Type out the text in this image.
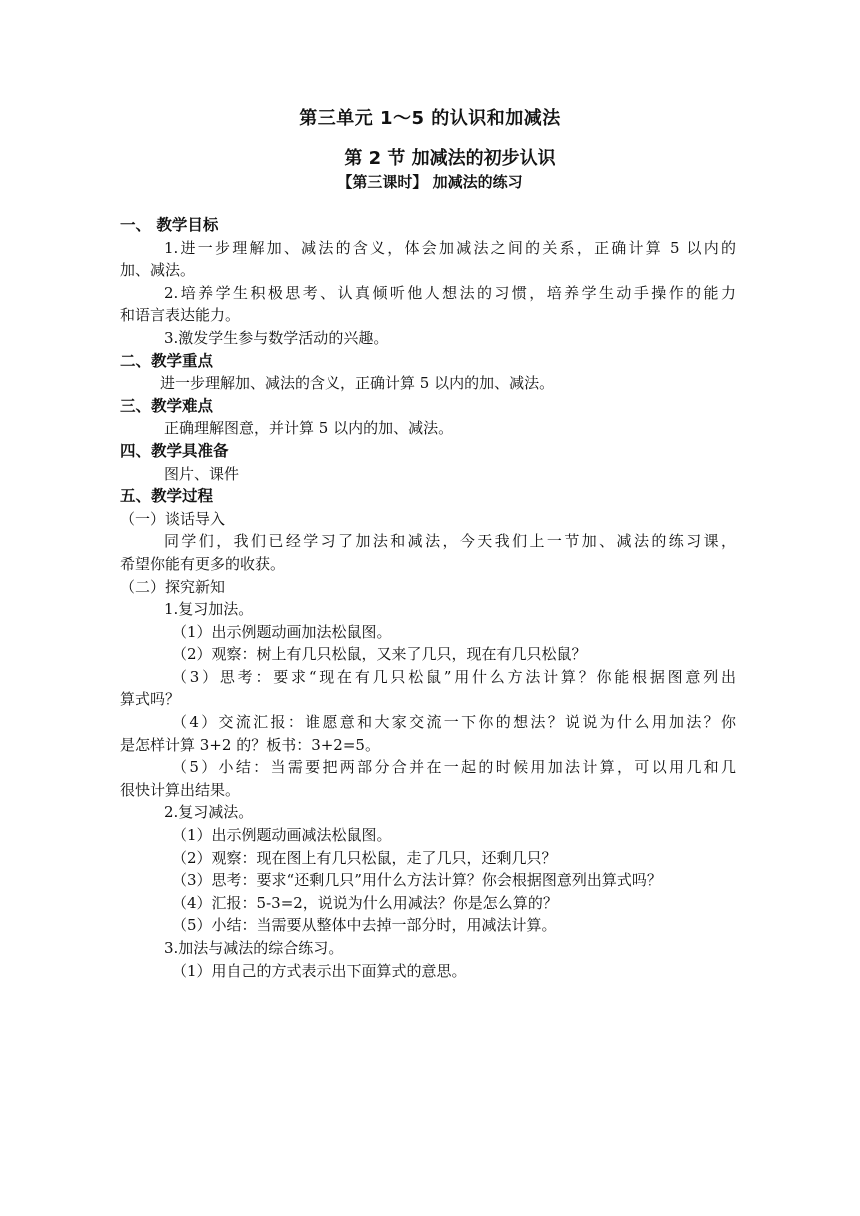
第三单元 1～5 的认识和加减法
第 2 节 加减法的初步认识
【第三课时】 加减法的练习
一、 教学目标
1.进一步理解加、减法的含义，体会加减法之间的关系，正确计算 5 以内的
加、减法。
2.培养学生积极思考、认真倾听他人想法的习惯，培养学生动手操作的能力
和语言表达能力。
3.激发学生参与数学活动的兴趣。
二、教学重点
进一步理解加、减法的含义，正确计算 5 以内的加、减法。
三、教学难点
正确理解图意，并计算 5 以内的加、减法。
四、教学具准备
图片、课件
五、教学过程
（一）谈话导入
同学们，我们已经学习了加法和减法，今天我们上一节加、减法的练习课，
希望你能有更多的收获。
（二）探究新知
1.复习加法。
（1）出示例题动画加法松鼠图。
（2）观察：树上有几只松鼠，又来了几只，现在有几只松鼠？
（3）思考：要求“现在有几只松鼠”用什么方法计算？你能根据图意列出
算式吗？
（4）交流汇报：谁愿意和大家交流一下你的想法？说说为什么用加法？你
是怎样计算 3+2 的？板书：3+2=5。
（5）小结：当需要把两部分合并在一起的时候用加法计算，可以用几和几
很快计算出结果。
2.复习减法。
（1）出示例题动画减法松鼠图。
（2）观察：现在图上有几只松鼠，走了几只，还剩几只？
（3）思考：要求“还剩几只”用什么方法计算？你会根据图意列出算式吗？
（4）汇报：5-3=2，说说为什么用减法？你是怎么算的？
（5）小结：当需要从整体中去掉一部分时，用减法计算。
3.加法与减法的综合练习。
（1）用自己的方式表示出下面算式的意思。
